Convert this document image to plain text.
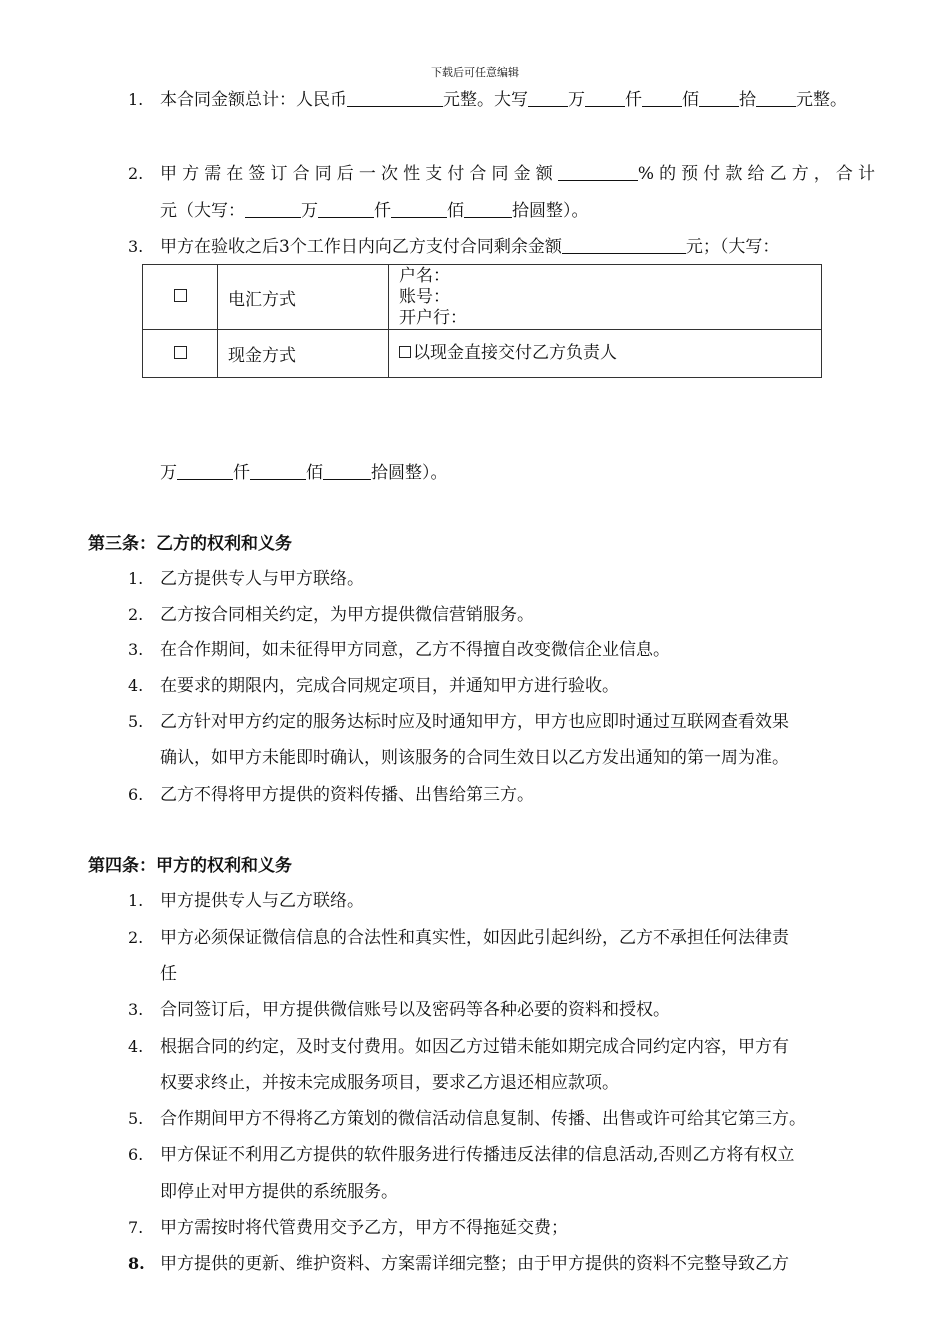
下载后可任意编辑
1. 本合同金额总计：人民币	元整。大写 万 仟 佰 拾 元整。
2. 甲方需在签订合同后一次性支付合同金额	%的预付款给乙方，合计
元（大写：	万	仟	佰	拾圆整）。
3. 甲方在验收之后3个工作日内向乙方支付合同剩余金额	元；（大写：
	电汇方式	户名：
账号：
开户行：

	现金方式	以现金直接交付乙方负责人
万	仟	佰	拾圆整）。
第三条：乙方的权利和义务
1. 乙方提供专人与甲方联络。
2. 乙方按合同相关约定，为甲方提供微信营销服务。
3. 在合作期间，如未征得甲方同意，乙方不得擅自改变微信企业信息。
4. 在要求的期限内，完成合同规定项目，并通知甲方进行验收。
5. 乙方针对甲方约定的服务达标时应及时通知甲方，甲方也应即时通过互联网查看效果
确认，如甲方未能即时确认，则该服务的合同生效日以乙方发出通知的第一周为准。
6. 乙方不得将甲方提供的资料传播、出售给第三方。
第四条：甲方的权利和义务
1. 甲方提供专人与乙方联络。
2. 甲方必须保证微信信息的合法性和真实性，如因此引起纠纷，乙方不承担任何法律责
任
3. 合同签订后，甲方提供微信账号以及密码等各种必要的资料和授权。
4. 根据合同的约定，及时支付费用。如因乙方过错未能如期完成合同约定内容，甲方有
权要求终止，并按未完成服务项目，要求乙方退还相应款项。
5. 合作期间甲方不得将乙方策划的微信活动信息复制、传播、出售或许可给其它第三方。
6. 甲方保证不利用乙方提供的软件服务进行传播违反法律的信息活动,否则乙方将有权立
即停止对甲方提供的系统服务。
7. 甲方需按时将代管费用交予乙方，甲方不得拖延交费；
8. 甲方提供的更新、维护资料、方案需详细完整；由于甲方提供的资料不完整导致乙方
